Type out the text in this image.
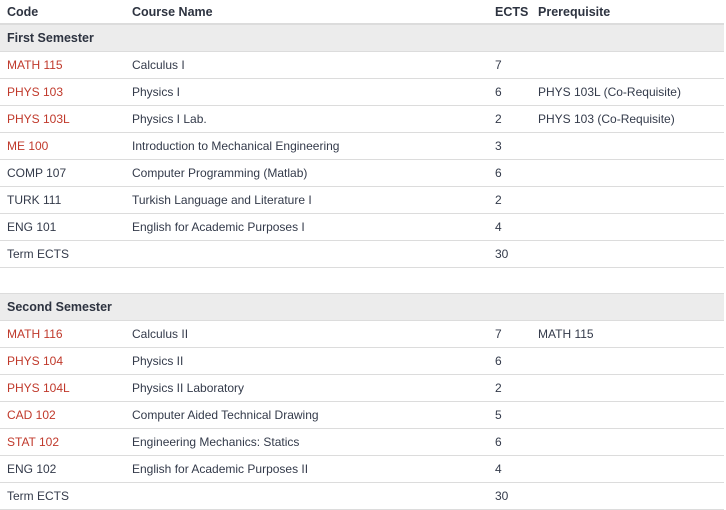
Code	Course Name	ECTS	Prerequisite
First Semester			
MATH 115	Calculus I	7	
PHYS 103	Physics I	6	PHYS 103L (Co-Requisite)
PHYS 103L	Physics I Lab.	2	PHYS 103 (Co-Requisite)
ME 100	Introduction to Mechanical Engineering	3	
COMP 107	Computer Programming (Matlab)	6	
TURK 111	Turkish Language and Literature I	2	
ENG 101	English for Academic Purposes I	4	
Term ECTS		30	

Second Semester			
MATH 116	Calculus II	7	MATH 115
PHYS 104	Physics II	6	
PHYS 104L	Physics II Laboratory	2	
CAD 102	Computer Aided Technical Drawing	5	
STAT 102	Engineering Mechanics: Statics	6	
ENG 102	English for Academic Purposes II	4	
Term ECTS		30	
